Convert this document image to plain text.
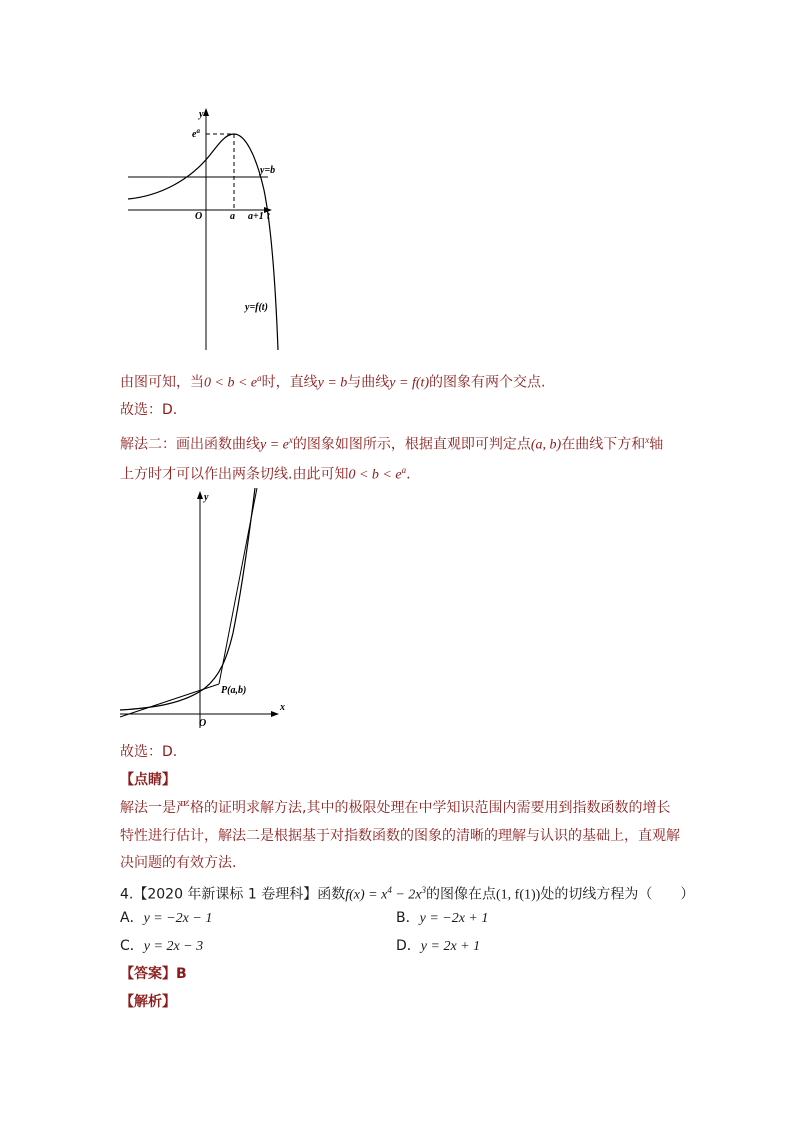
y
$e^a$
y=b
O	a a+1 t
y=f(t)
由图可知，当$0 < b < e^a$时，直线y = b与曲线y = f(t)的图象有两个交点.
故选：D.
解法二：画出函数曲线$y = e^x$的图象如图所示，根据直观即可判定点(a, b)在曲线下方和$^x$轴
上方时才可以作出两条切线.由此可知$0 < b < e^a$.
y
x
O
P(a,b)
故选：D.
【点睛】
解法一是严格的证明求解方法,其中的极限处理在中学知识范围内需要用到指数函数的增长
特性进行估计，解法二是根据基于对指数函数的图象的清晰的理解与认识的基础上，直观解
决问题的有效方法.
4.【2020 年新课标 1 卷理科】函数$f(x) = x^4 - 2x^3$的图像在点(1, f(1))处的切线方程为（　　）
A．y = −2x − 1	B．y = −2x + 1
C．y = 2x − 3	D．y = 2x + 1
【答案】B
【解析】
